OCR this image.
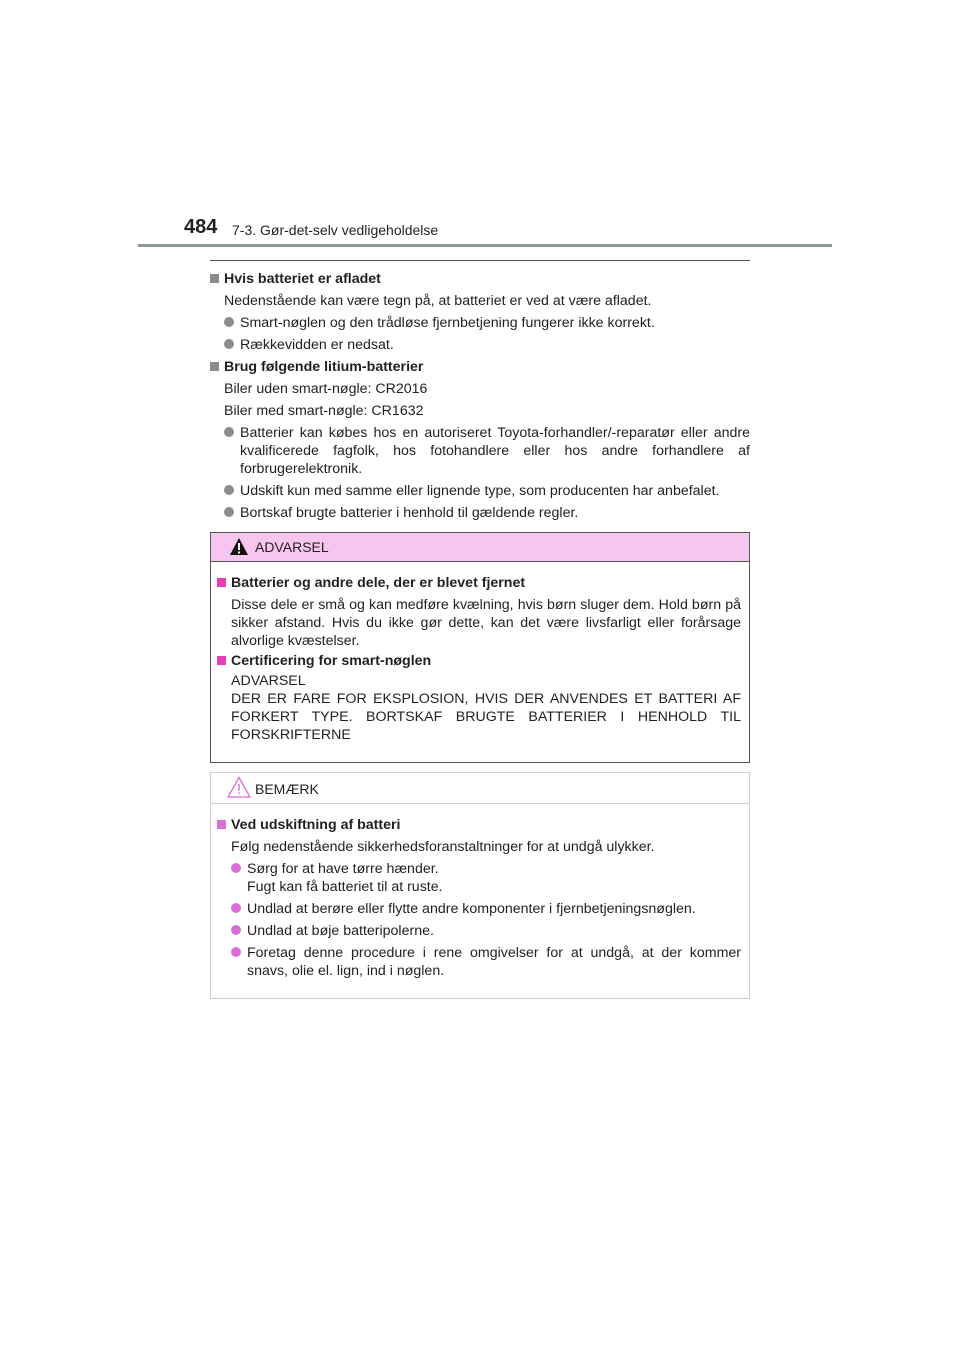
484 7-3. Gør-det-selv vedligeholdelse
Hvis batteriet er afladet
Nedenstående kan være tegn på, at batteriet er ved at være afladet.
Smart-nøglen og den trådløse fjernbetjening fungerer ikke korrekt.
Rækkevidden er nedsat.
Brug følgende litium-batterier
Biler uden smart-nøgle: CR2016
Biler med smart-nøgle: CR1632
Batterier kan købes hos en autoriseret Toyota-forhandler/-reparatør eller andre kvalificerede fagfolk, hos fotohandlere eller hos andre forhandlere af forbrugerelektronik.
Udskift kun med samme eller lignende type, som producenten har anbefalet.
Bortskaf brugte batterier i henhold til gældende regler.
ADVARSEL
Batterier og andre dele, der er blevet fjernet
Disse dele er små og kan medføre kvælning, hvis børn sluger dem. Hold børn på sikker afstand. Hvis du ikke gør dette, kan det være livsfarligt eller forårsage alvorlige kvæstelser.
Certificering for smart-nøglen
ADVARSEL
DER ER FARE FOR EKSPLOSION, HVIS DER ANVENDES ET BATTERI AF FORKERT TYPE. BORTSKAF BRUGTE BATTERIER I HENHOLD TIL FORSKRIFTERNE
BEMÆRK
Ved udskiftning af batteri
Følg nedenstående sikkerhedsforanstaltninger for at undgå ulykker.
Sørg for at have tørre hænder.
Fugt kan få batteriet til at ruste.
Undlad at berøre eller flytte andre komponenter i fjernbetjeningsnøglen.
Undlad at bøje batteripolerne.
Foretag denne procedure i rene omgivelser for at undgå, at der kommer snavs, olie el. lign, ind i nøglen.
